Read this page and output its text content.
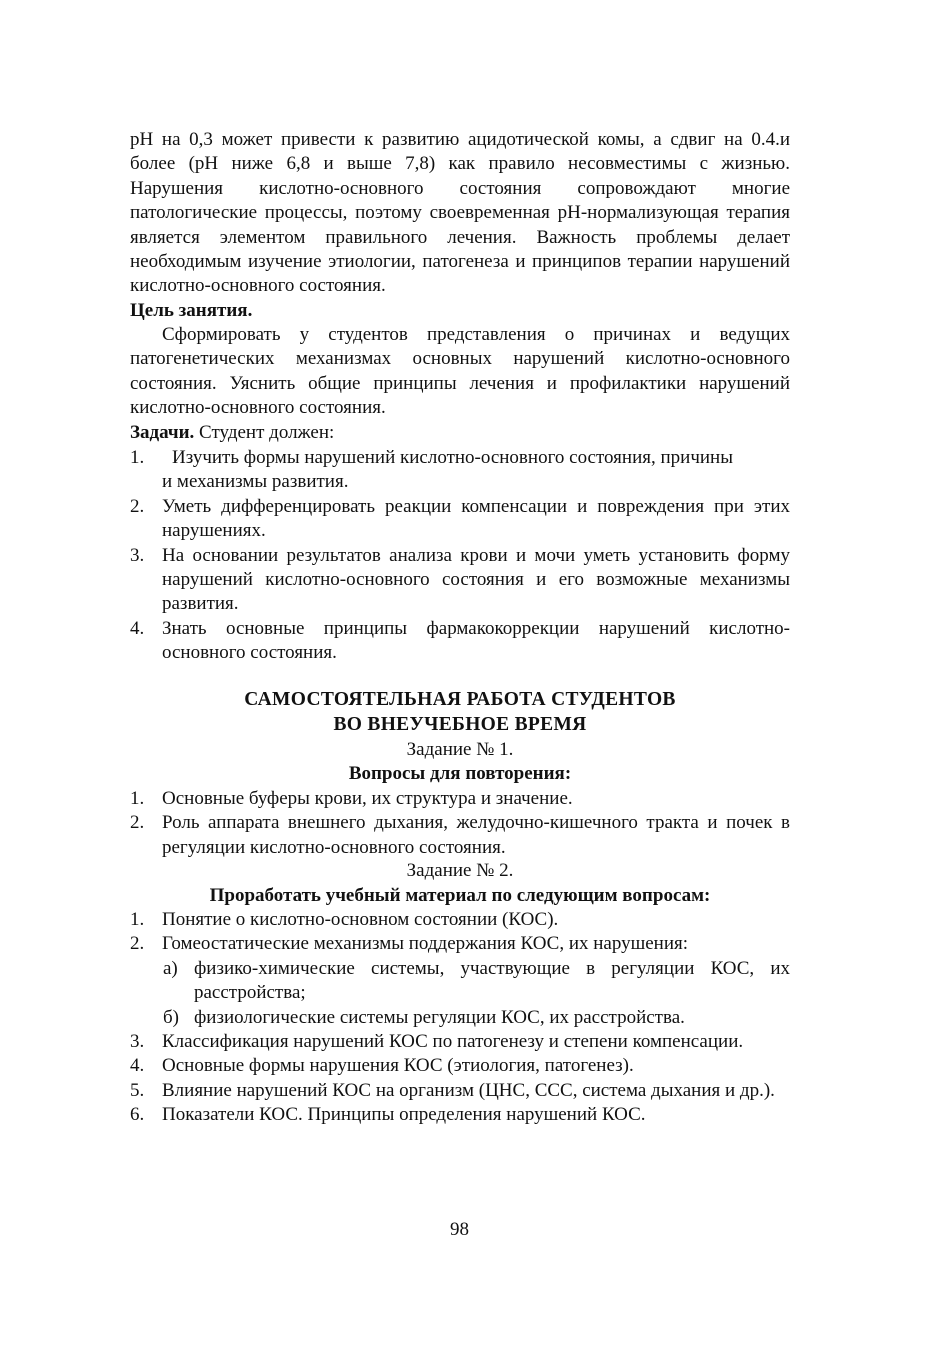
рН на 0,3 может привести к развитию ацидотической комы, а сдвиг на 0.4.и более (рН ниже 6,8 и выше 7,8) как правило несовместимы с жизнью. Нарушения кислотно-основного состояния сопровождают многие патологические процессы, поэтому своевременная рН-нормализующая терапия является элементом правильного лечения. Важность проблемы делает необходимым изучение этиологии, патогенеза и принципов терапии нарушений кислотно-основного состояния.
Цель занятия.
Сформировать у студентов представления о причинах и ведущих патогенетических механизмах основных нарушений кислотно-основного состояния. Уяснить общие принципы лечения и профилактики нарушений кислотно-основного состояния.
Задачи. Студент должен:
1.	Изучить формы нарушений кислотно-основного состояния, причины
и механизмы развития.
2. Уметь дифференцировать реакции компенсации и повреждения при этих нарушениях.
3. На основании результатов анализа крови и мочи уметь установить форму нарушений кислотно-основного состояния и его возможные механизмы развития.
4. Знать основные принципы фармакокоррекции нарушений кислотно-основного состояния.
САМОСТОЯТЕЛЬНАЯ РАБОТА СТУДЕНТОВ
ВО ВНЕУЧЕБНОЕ ВРЕМЯ
Задание № 1.
Вопросы для повторения:
1. Основные буферы крови, их структура и значение.
2. Роль аппарата внешнего дыхания, желудочно-кишечного тракта и почек в регуляции кислотно-основного состояния.
Задание № 2.
Проработать учебный материал по следующим вопросам:
1. Понятие о кислотно-основном состоянии (КОС).
2. Гомеостатические механизмы поддержания КОС, их нарушения:
а) физико-химические системы, участвующие в регуляции КОС, их расстройства;
б) физиологические системы регуляции КОС, их расстройства.
3. Классификация нарушений КОС по патогенезу и степени компенсации.
4. Основные формы нарушения КОС (этиология, патогенез).
5. Влияние нарушений КОС на организм (ЦНС, ССС, система дыхания и др.).
6. Показатели КОС. Принципы определения нарушений КОС.
98
